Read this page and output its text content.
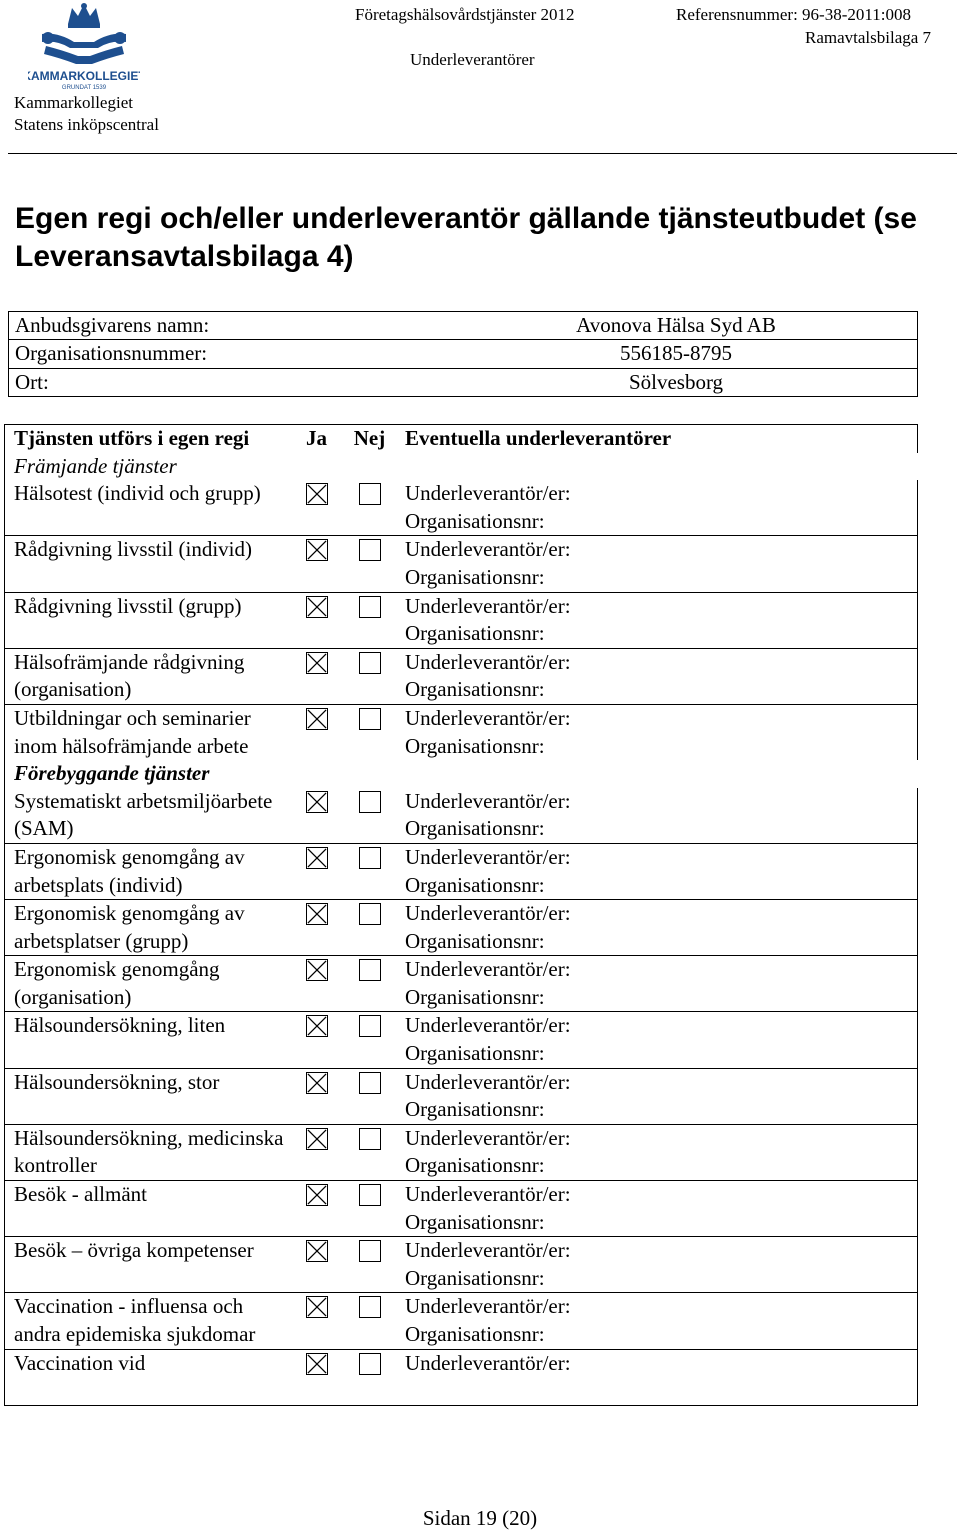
KAMMARKOLLEGIET
GRUNDAT 1539
Kammarkollegiet
Statens inköpscentral
Företagshälsovårdstjänster 2012
Underleverantörer
Referensnummer: 96-38-2011:008
Ramavtalsbilaga 7
Egen regi och/eller underleverantör gällande tjänsteutbudet (se Leveransavtalsbilaga 4)
Anbudsgivarens namn:	Avonova Hälsa Syd AB
Organisationsnummer:	556185-8795
Ort:	Sölvesborg
Tjänsten utförs i egen regi	Ja	Nej	Eventuella underleverantörer
Främjande tjänster			
Hälsotest (individ och grupp)			Underleverantör/er:
Organisationsnr:

Rådgivning livsstil (individ)			Underleverantör/er:
Organisationsnr:

Rådgivning livsstil (grupp)			Underleverantör/er:
Organisationsnr:

Hälsofrämjande rådgivning (organisation)			Underleverantör/er:
Organisationsnr:

Utbildningar och seminarier inom hälsofrämjande arbete			Underleverantör/er:
Organisationsnr:

Förebyggande tjänster			
Systematiskt arbetsmiljöarbete (SAM)			Underleverantör/er:
Organisationsnr:

Ergonomisk genomgång av arbetsplats (individ)			Underleverantör/er:
Organisationsnr:

Ergonomisk genomgång av arbetsplatser (grupp)			Underleverantör/er:
Organisationsnr:

Ergonomisk genomgång (organisation)			Underleverantör/er:
Organisationsnr:

Hälsoundersökning, liten			Underleverantör/er:
Organisationsnr:

Hälsoundersökning, stor			Underleverantör/er:
Organisationsnr:

Hälsoundersökning, medicinska kontroller			Underleverantör/er:
Organisationsnr:

Besök - allmänt			Underleverantör/er:
Organisationsnr:

Besök – övriga kompetenser			Underleverantör/er:
Organisationsnr:

Vaccination - influensa och andra epidemiska sjukdomar			Underleverantör/er:
Organisationsnr:

Vaccination vid			Underleverantör/er:
Sidan 19 (20)
